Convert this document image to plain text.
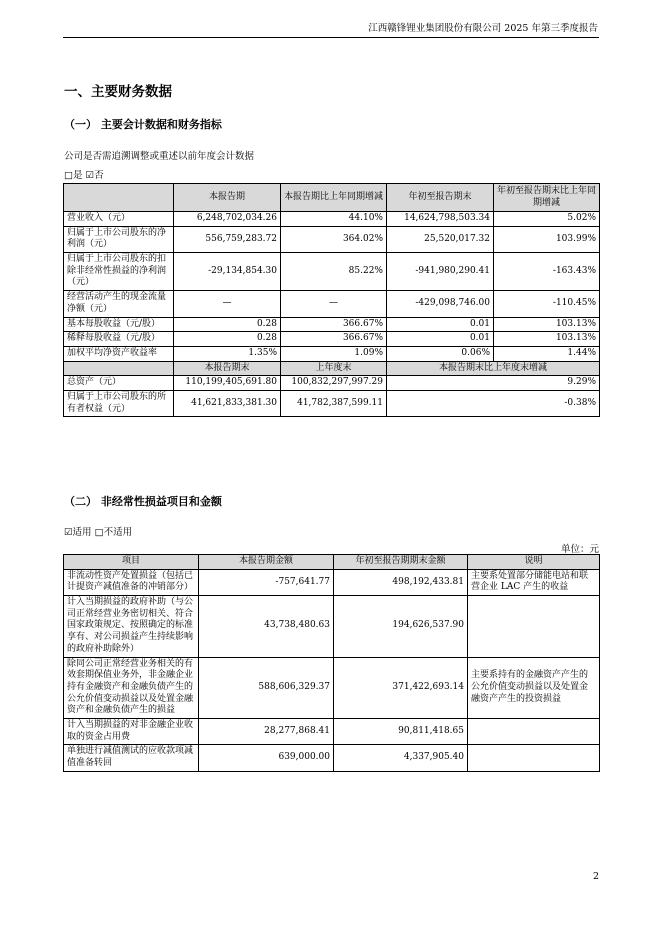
江西赣锋锂业集团股份有限公司 2025 年第三季度报告
一、主要财务数据
（一） 主要会计数据和财务指标
公司是否需追溯调整或重述以前年度会计数据
□是 ☑否
	本报告期	本报告期比上年同期增减	年初至报告期末	年初至报告期末比上年同期增减
营业收入（元）	6,248,702,034.26	44.10%	14,624,798,503.34	5.02%
归属于上市公司股东的净利润（元）	556,759,283.72	364.02%	25,520,017.32	103.99%
归属于上市公司股东的扣除非经常性损益的净利润（元）	-29,134,854.30	85.22%	-941,980,290.41	-163.43%
经营活动产生的现金流量净额（元）	—	—	-429,098,746.00	-110.45%
基本每股收益（元/股）	0.28	366.67%	0.01	103.13%
稀释每股收益（元/股）	0.28	366.67%	0.01	103.13%
加权平均净资产收益率	1.35%	1.09%	0.06%	1.44%
	本报告期末	上年度末	本报告期末比上年度末增减	
总资产（元）	110,199,405,691.80	100,832,297,997.29	9.29%	
归属于上市公司股东的所有者权益（元）	41,621,833,381.30	41,782,387,599.11	-0.38%	
（二） 非经常性损益项目和金额
☑适用 □不适用
单位：元
项目	本报告期金额	年初至报告期期末金额	说明
非流动性资产处置损益（包括已计提资产减值准备的冲销部分）	-757,641.77	498,192,433.81	主要系处置部分储能电站和联营企业 LAC 产生的收益
计入当期损益的政府补助（与公司正常经营业务密切相关、符合国家政策规定、按照确定的标准享有、对公司损益产生持续影响的政府补助除外）	43,738,480.63	194,626,537.90	
除同公司正常经营业务相关的有效套期保值业务外，非金融企业持有金融资产和金融负债产生的公允价值变动损益以及处置金融资产和金融负债产生的损益	588,606,329.37	371,422,693.14	主要系持有的金融资产产生的公允价值变动损益以及处置金融资产产生的投资损益
计入当期损益的对非金融企业收取的资金占用费	28,277,868.41	90,811,418.65	
单独进行减值测试的应收款项减值准备转回	639,000.00	4,337,905.40	
2
